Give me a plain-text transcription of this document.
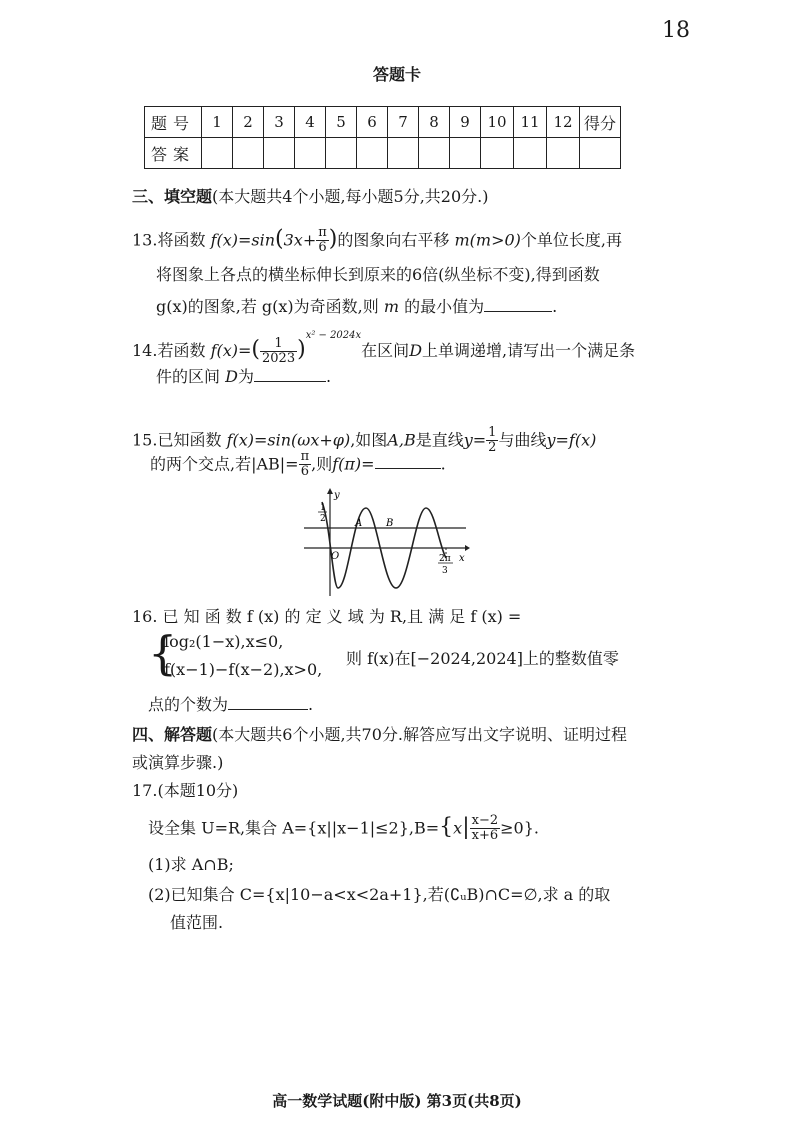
18
答题卡
题号	1	2	3	4	5	6	7	8	9	10	11	12	得分
答案													
三、填空题(本大题共4个小题,每小题5分,共20分.)
13.将函数 $f(x)=\sin(3x+ \frac{\pi}{6}$ )的图象向右平移 m(m>0)个单位长度,再
将图象上各点的横坐标伸长到原来的6倍(纵坐标不变),得到函数
g(x)的图象,若 g(x)为奇函数,则 m 的最小值为	.
14.若函数 $f(x)=( \frac{1}{2023} )^{x^2 - 2024x}$在区间D上单调递增,请写出一个满足条
件的区间 D为	.
15.已知函数 f(x)=sin(ωx+φ),如图A,B是直线$y= \frac{1}{2}$ 与曲线y=f(x)
的两个交点,若$|AB|= \frac{\pi}{6}$ ,则f(π)=	.
y
x
1
2
O
A B
2π
3
16. 已 知 函 数 f (x) 的 定 义 域 为 R,且 满 足 f (x) =
{
log₂(1−x),x≤0,
f(x−1)−f(x−2),x>0,
则 f(x)在[−2024,2024]上的整数值零
点的个数为	.
四、解答题(本大题共6个小题,共70分.解答应写出文字说明、证明过程
或演算步骤.)
17.(本题10分)
设全集 U=R,集合 $A=\{x||x-1|\le 2\},B=\{x| \frac{x-2}{x+6} \ge 0\}$.
(1)求 A∩B;
(2)已知集合 C={x|10−a<x<2a+1},若(∁ᵤB)∩C=∅,求 a 的取
值范围.
高一数学试题(附中版) 第3页(共8页)
